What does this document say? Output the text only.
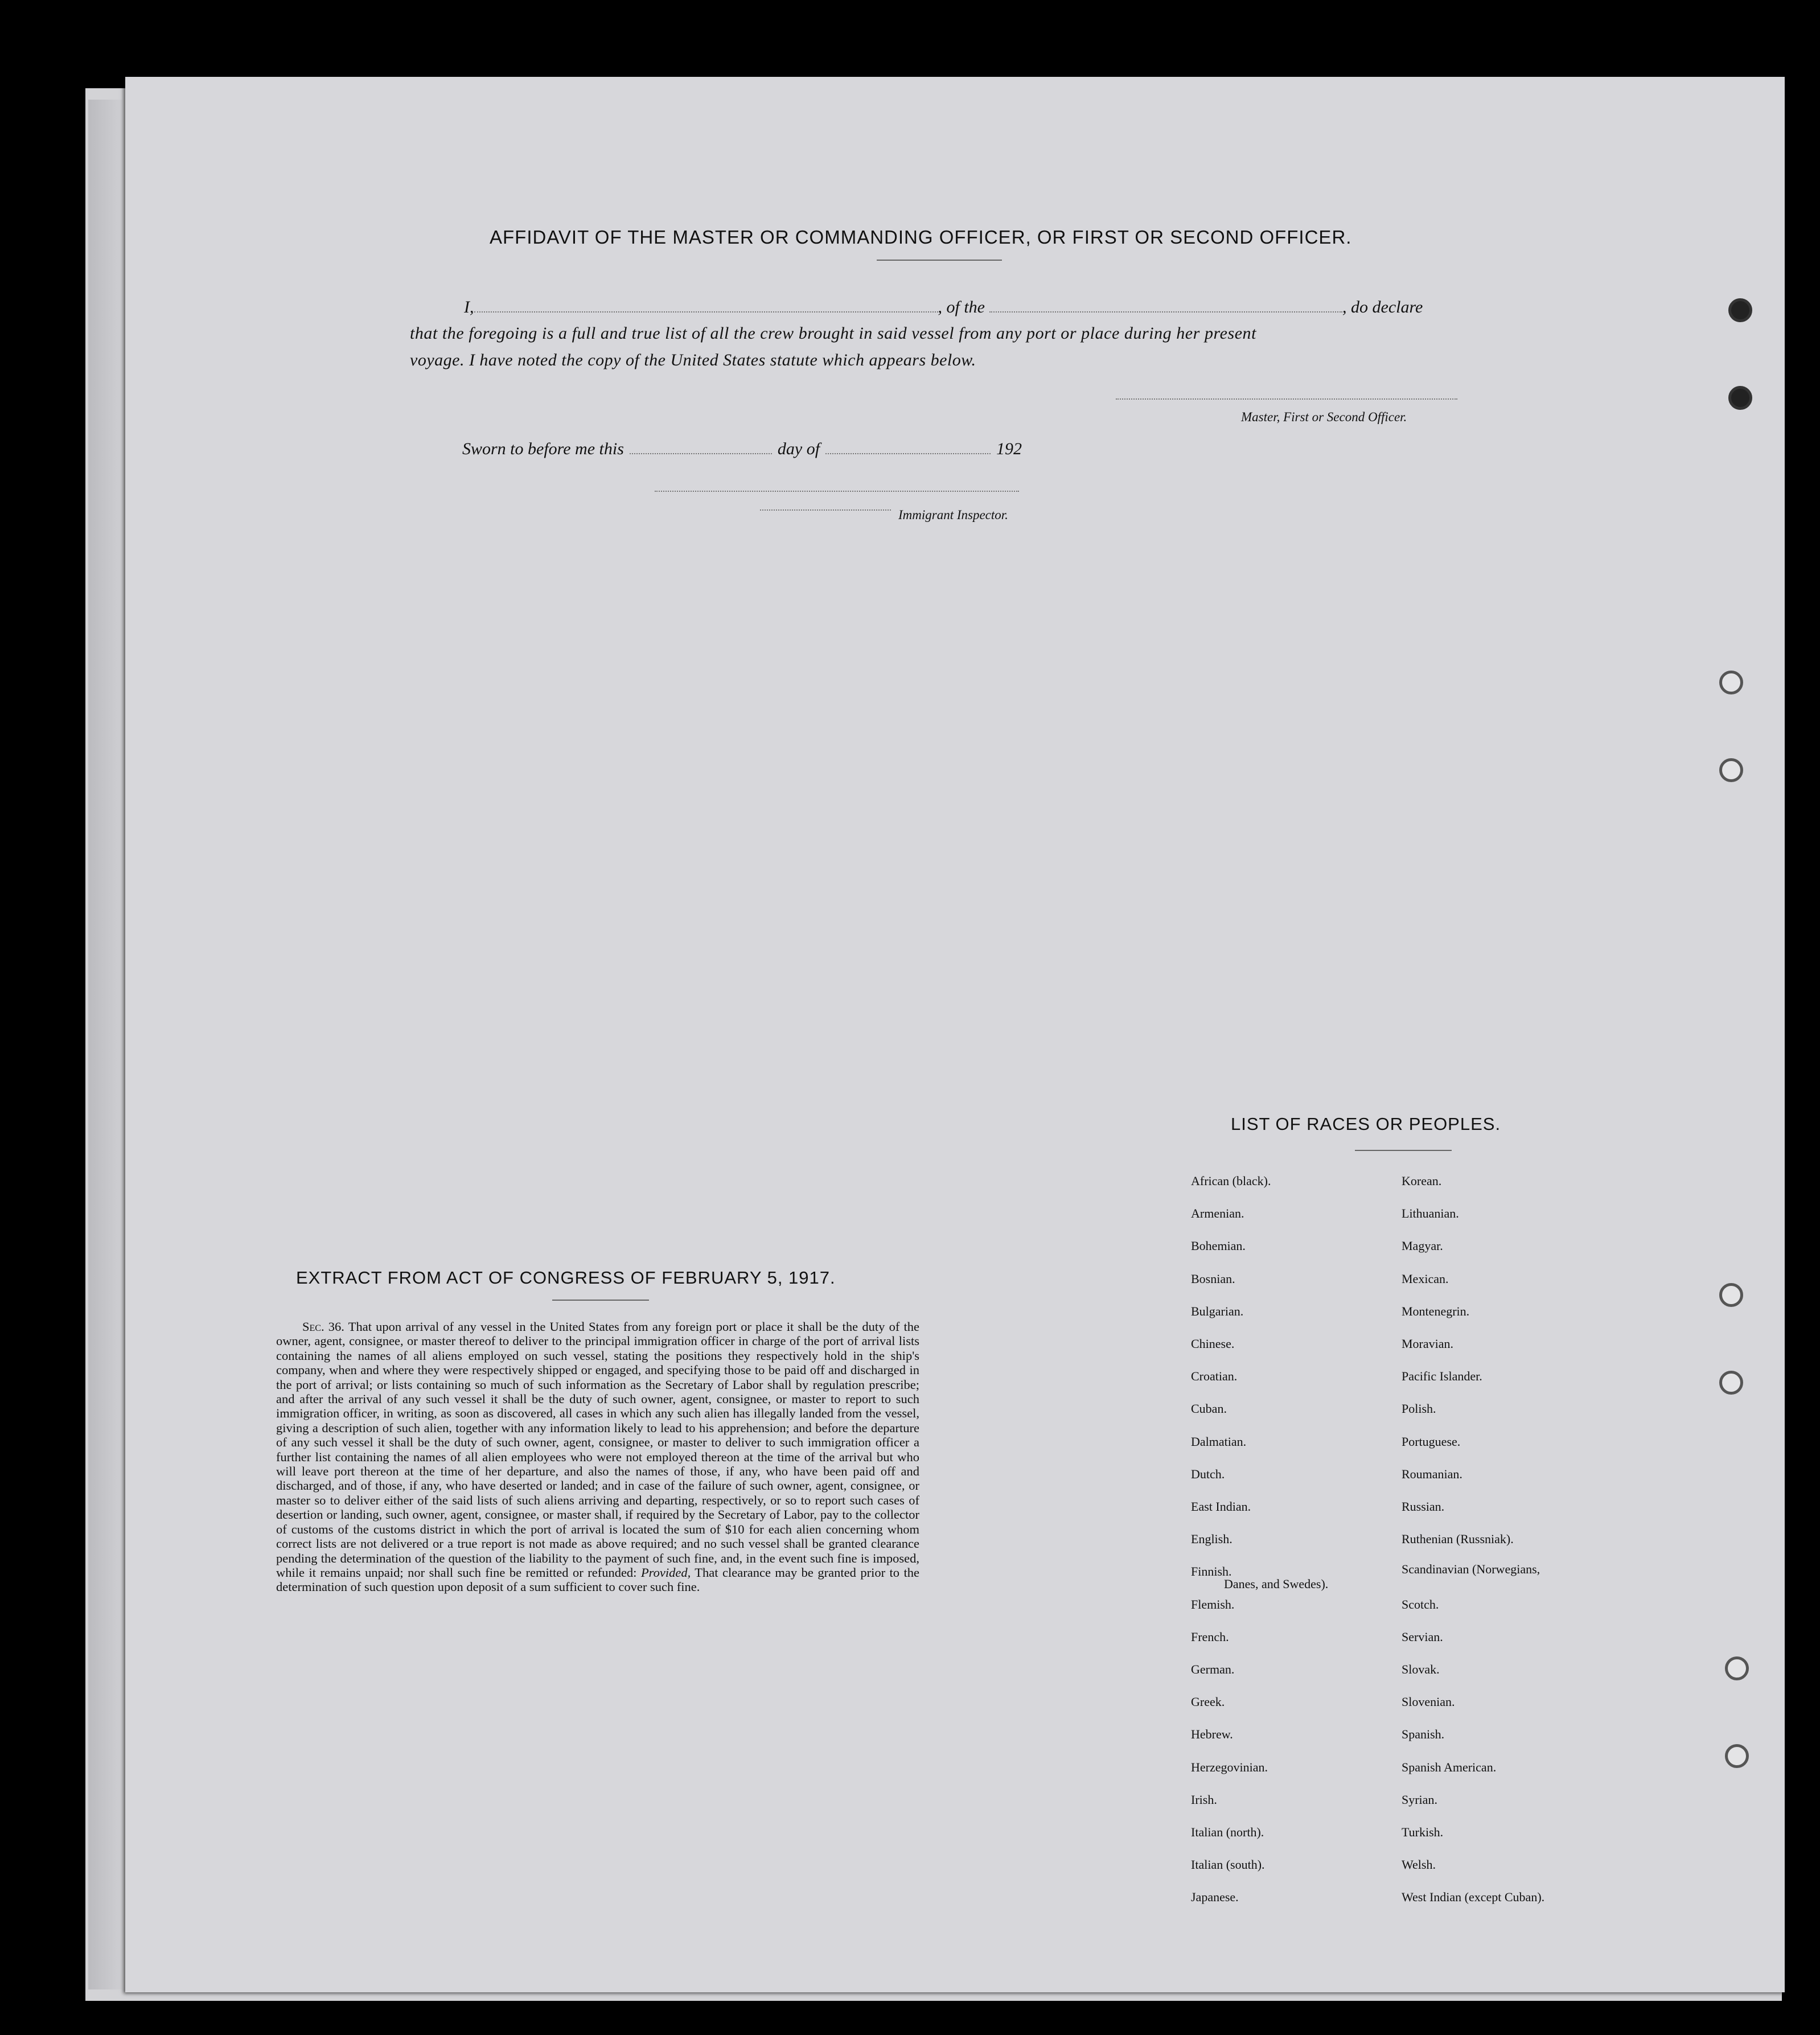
AFFIDAVIT OF THE MASTER OR COMMANDING OFFICER, OR FIRST OR SECOND OFFICER.
I,	, of the	, do declare
that the foregoing is a full and true list of all the crew brought in said vessel from any port or place during her present
voyage. I have noted the copy of the United States statute which appears below.
Master, First or Second Officer.
Sworn to before me this	day of	192
Immigrant Inspector.
EXTRACT FROM ACT OF CONGRESS OF FEBRUARY 5, 1917.
Sec. 36. That upon arrival of any vessel in the United States from any foreign port or place it shall be the duty of the owner, agent, consignee, or master thereof to deliver to the principal immigration officer in charge of the port of arrival lists containing the names of all aliens employed on such vessel, stating the positions they respectively hold in the ship's company, when and where they were respectively shipped or engaged, and specifying those to be paid off and discharged in the port of arrival; or lists containing so much of such information as the Secretary of Labor shall by regulation prescribe; and after the arrival of any such vessel it shall be the duty of such owner, agent, consignee, or master to report to such immigration officer, in writing, as soon as discovered, all cases in which any such alien has illegally landed from the vessel, giving a description of such alien, together with any information likely to lead to his apprehension; and before the departure of any such vessel it shall be the duty of such owner, agent, consignee, or master to deliver to such immigration officer a further list containing the names of all alien employees who were not employed thereon at the time of the arrival but who will leave port thereon at the time of her departure, and also the names of those, if any, who have been paid off and discharged, and of those, if any, who have deserted or landed; and in case of the failure of such owner, agent, consignee, or master so to deliver either of the said lists of such aliens arriving and departing, respectively, or so to report such cases of desertion or landing, such owner, agent, consignee, or master shall, if required by the Secretary of Labor, pay to the collector of customs of the customs district in which the port of arrival is located the sum of $10 for each alien concerning whom correct lists are not delivered or a true report is not made as above required; and no such vessel shall be granted clearance pending the determination of the question of the liability to the payment of such fine, and, in the event such fine is imposed, while it remains unpaid; nor shall such fine be remitted or refunded: Provided, That clearance may be granted prior to the determination of such question upon deposit of a sum sufficient to cover such fine.
LIST OF RACES OR PEOPLES.
African (black).
Armenian.
Bohemian.
Bosnian.
Bulgarian.
Chinese.
Croatian.
Cuban.
Dalmatian.
Dutch.
East Indian.
English.
Finnish.
Flemish.
French.
German.
Greek.
Hebrew.
Herzegovinian.
Irish.
Italian (north).
Italian (south).
Japanese.
Korean.
Lithuanian.
Magyar.
Mexican.
Montenegrin.
Moravian.
Pacific Islander.
Polish.
Portuguese.
Roumanian.
Russian.
Ruthenian (Russniak).
Scandinavian (Norwegians,
Danes, and Swedes).
Scotch.
Servian.
Slovak.
Slovenian.
Spanish.
Spanish American.
Syrian.
Turkish.
Welsh.
West Indian (except Cuban).
